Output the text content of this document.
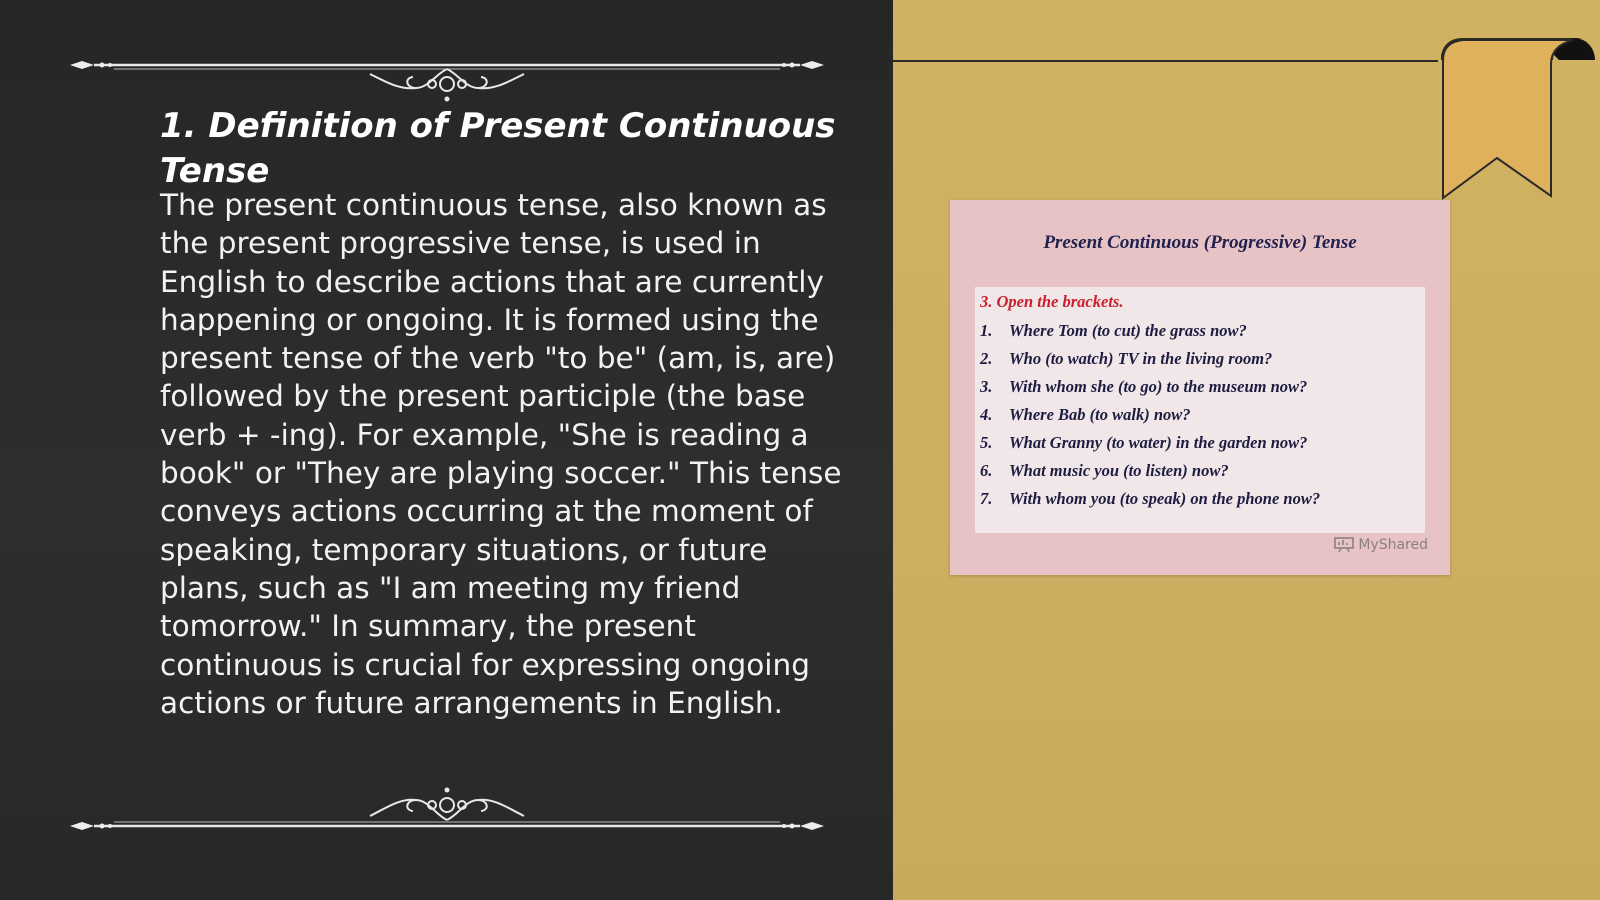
1. Definition of Present Continuous Tense

The present continuous tense, also known as the present progressive tense, is used in English to describe actions that are currently happening or ongoing. It is formed using the present tense of the verb "to be" (am, is, are) followed by the present participle (the base verb + -ing). For example, "She is reading a book" or "They are playing soccer." This tense conveys actions occurring at the moment of speaking, temporary situations, or future plans, such as "I am meeting my friend tomorrow." In summary, the present continuous is crucial for expressing ongoing actions or future arrangements in English.

Present Continuous (Progressive) Tense
3. Open the brackets.
1.	Where Tom (to cut) the grass now?
2.	Who (to watch) TV in the living room?
3.	With whom she (to go) to the museum now?
4.	Where Bab (to walk) now?
5.	What Granny (to water) in the garden now?
6.	What music you (to listen) now?
7.	With whom you (to speak) on the phone now?
MyShared
